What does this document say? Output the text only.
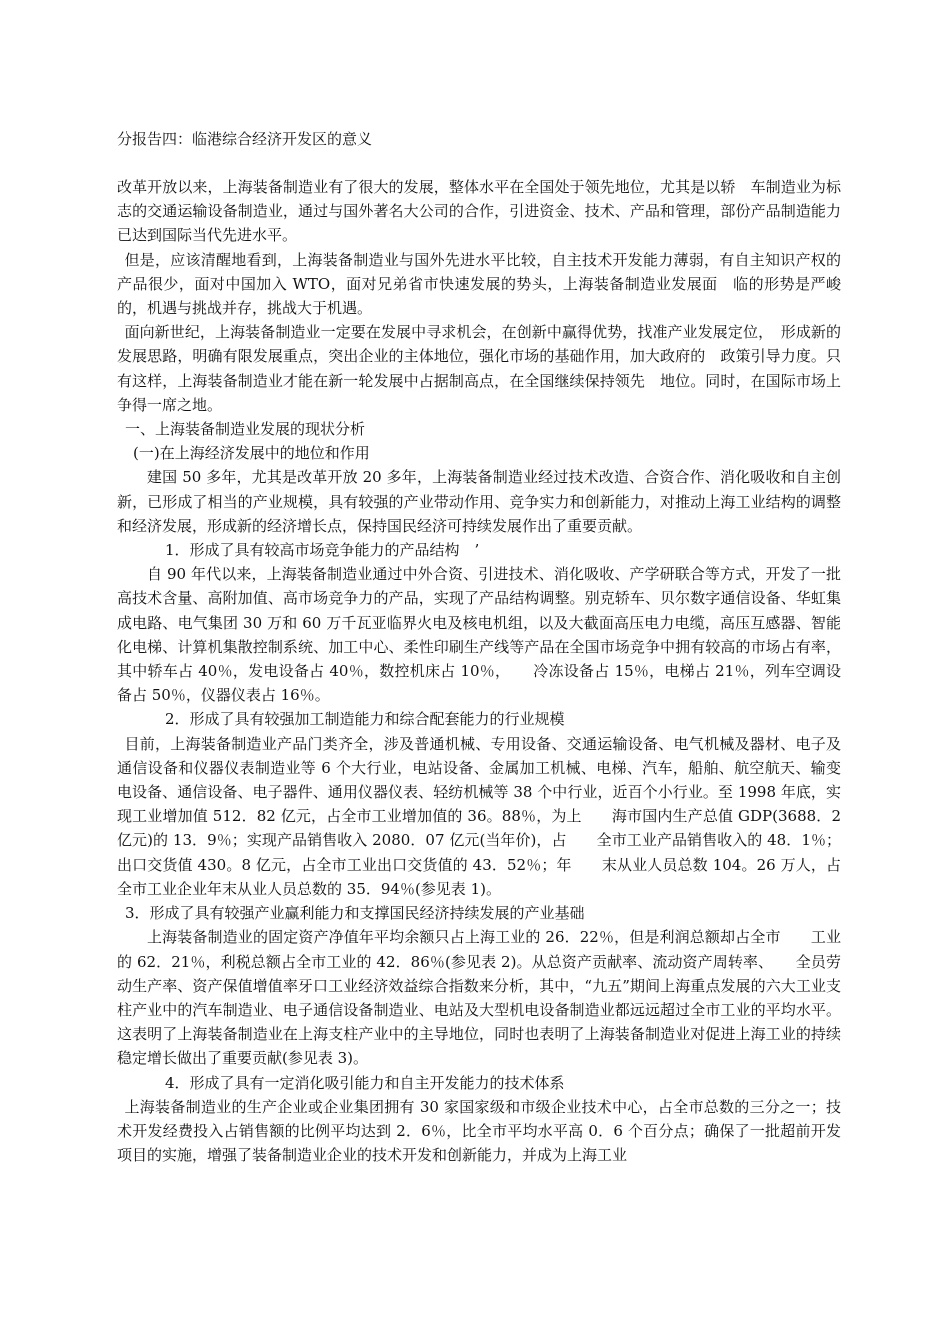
分报告四：临港综合经济开发区的意义

改革开放以来，上海装备制造业有了很大的发展，整体水平在全国处于领先地位，尤其是以轿　车制造业为标志的交通运输设备制造业，通过与国外著名大公司的合作，引进资金、技术、产品和管理，部份产品制造能力已达到国际当代先进水平。

但是，应该清醒地看到，上海装备制造业与国外先进水平比较，自主技术开发能力薄弱，有自主知识产权的产品很少，面对中国加入 WTO，面对兄弟省市快速发展的势头，上海装备制造业发展面　临的形势是严峻的，机遇与挑战并存，挑战大于机遇。

面向新世纪，上海装备制造业一定要在发展中寻求机会，在创新中赢得优势，找准产业发展定位，　形成新的发展思路，明确有限发展重点，突出企业的主体地位，强化市场的基础作用，加大政府的　政策引导力度。只有这样，上海装备制造业才能在新一轮发展中占据制高点，在全国继续保持领先　地位。同时，在国际市场上争得一席之地。

一、上海装备制造业发展的现状分析

(一)在上海经济发展中的地位和作用

建国 50 多年，尤其是改革开放 20 多年，上海装备制造业经过技术改造、合资合作、消化吸收和自主创新，已形成了相当的产业规模，具有较强的产业带动作用、竞争实力和创新能力，对推动上海工业结构的调整和经济发展，形成新的经济增长点，保持国民经济可持续发展作出了重要贡献。

1．形成了具有较高市场竞争能力的产品结构　’

自 90 年代以来，上海装备制造业通过中外合资、引进技术、消化吸收、产学研联合等方式，开发了一批高技术含量、高附加值、高市场竞争力的产品，实现了产品结构调整。别克轿车、贝尔数字通信设备、华虹集成电路、电气集团 30 万和 60 万千瓦亚临界火电及核电机组，以及大截面高压电力电缆，高压互感器、智能化电梯、计算机集散控制系统、加工中心、柔性印刷生产线等产品在全国市场竞争中拥有较高的市场占有率，其中轿车占 40％，发电设备占 40％，数控机床占 10％，　　冷冻设备占 15％，电梯占 21％，列车空调设备占 50％，仪器仪表占 16％。

2．形成了具有较强加工制造能力和综合配套能力的行业规模

目前，上海装备制造业产品门类齐全，涉及普通机械、专用设备、交通运输设备、电气机械及器材、电子及通信设备和仪器仪表制造业等 6 个大行业，电站设备、金属加工机械、电梯、汽车，船舶、航空航天、输变电设备、通信设备、电子器件、通用仪器仪表、轻纺机械等 38 个中行业，近百个小行业。至 1998 年底，实现工业增加值 512．82 亿元，占全市工业增加值的 36。88％，为上　　海市国内生产总值 GDP(3688．2 亿元)的 13．9％；实现产品销售收入 2080．07 亿元(当年价)，占　　全市工业产品销售收入的 48．1％；出口交货值 430。8 亿元，占全市工业出口交货值的 43．52％；年　　末从业人员总数 104。26 万人，占全市工业企业年末从业人员总数的 35．94％(参见表 1)。

3．形成了具有较强产业赢利能力和支撑国民经济持续发展的产业基础

上海装备制造业的固定资产净值年平均余额只占上海工业的 26．22％，但是利润总额却占全市　　工业的 62．21％，利税总额占全市工业的 42．86％(参见表 2)。从总资产贡献率、流动资产周转率、　　全员劳动生产率、资产保值增值率牙口工业经济效益综合指数来分析，其中，“九五”期间上海重点发展的六大工业支柱产业中的汽车制造业、电子通信设备制造业、电站及大型机电设备制造业都远远超过全市工业的平均水平。这表明了上海装备制造业在上海支柱产业中的主导地位，同时也表明了上海装备制造业对促进上海工业的持续稳定增长做出了重要贡献(参见表 3)。

4．形成了具有一定消化吸引能力和自主开发能力的技术体系

上海装备制造业的生产企业或企业集团拥有 30 家国家级和市级企业技术中心，占全市总数的三分之一；技术开发经费投入占销售额的比例平均达到 2．6％，比全市平均水平高 0．6 个百分点；确保了一批超前开发项目的实施，增强了装备制造业企业的技术开发和创新能力，并成为上海工业
